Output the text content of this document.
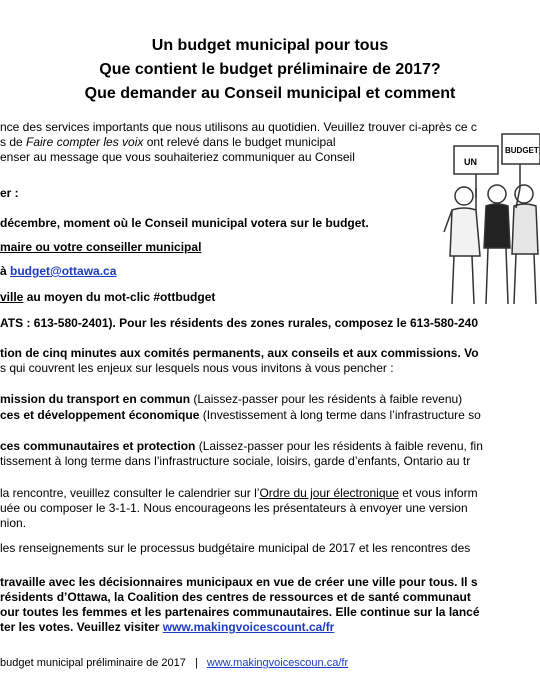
Un budget municipal pour tous
Que contient le budget préliminaire de 2017?
Que demander au Conseil municipal et comment
nce des services importants que nous utilisons au quotidien. Veuillez trouver ci-après ce c
s de Faire compter les voix ont relevé dans le budget municipal
enser au message que vous souhaiteriez communiquer au Conseil	UN
BUDGET
er :
décembre, moment où le Conseil municipal votera sur le budget.
maire ou votre conseiller municipal
à budget@ottawa.ca
ville au moyen du mot-clic #ottbudget
ATS : 613-580-2401). Pour les résidents des zones rurales, composez le 613-580-240
tion de cinq minutes aux comités permanents, aux conseils et aux commissions. Vo
s qui couvrent les enjeux sur lesquels nous vous invitons à vous pencher :
mission du transport en commun (Laissez-passer pour les résidents à faible revenu)
ces et développement économique (Investissement à long terme dans l’infrastructure so
ces communautaires et protection (Laissez-passer pour les résidents à faible revenu, fin
tissement à long terme dans l’infrastructure sociale, loisirs, garde d’enfants, Ontario au tr
la rencontre, veuillez consulter le calendrier sur l’Ordre du jour électronique et vous inform
uée ou composer le 3-1-1. Nous encourageons les présentateurs à envoyer une version
nion.
les renseignements sur le processus budgétaire municipal de 2017 et les rencontres des
travaille avec les décisionnaires municipaux en vue de créer une ville pour tous. Il s
résidents d’Ottawa, la Coalition des centres de ressources et de santé communaut
our toutes les femmes et les partenaires communautaires. Elle continue sur la lancé
ter les votes. Veuillez visiter www.makingvoicescount.ca/fr
budget municipal préliminaire de 2017 | www.makingvoicescoun.ca/fr
